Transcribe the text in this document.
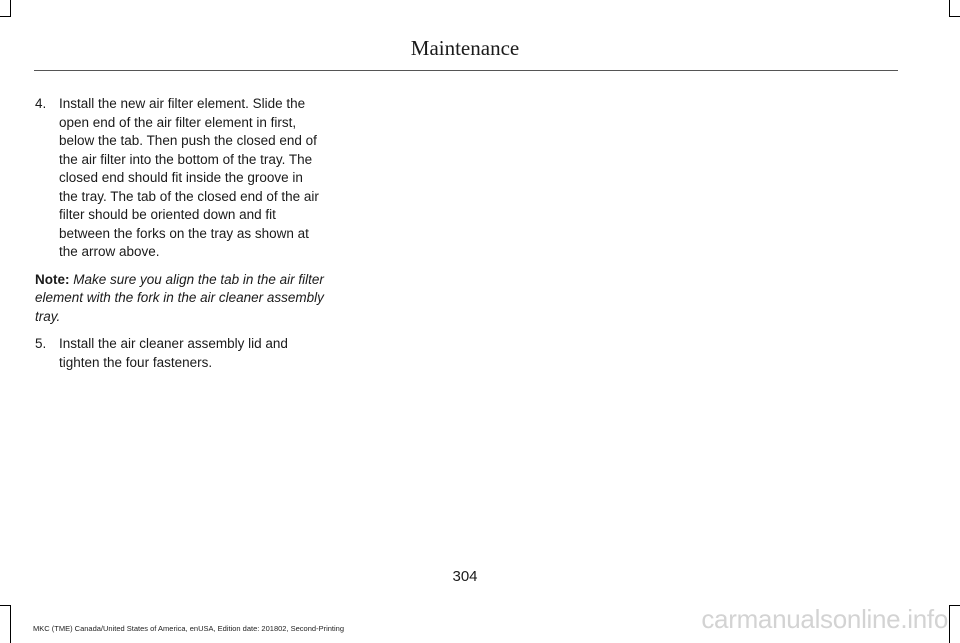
Maintenance
4. Install the new air filter element. Slide the open end of the air filter element in first, below the tab. Then push the closed end of the air filter into the bottom of the tray. The closed end should fit inside the groove in the tray. The tab of the closed end of the air filter should be oriented down and fit between the forks on the tray as shown at the arrow above.
Note: Make sure you align the tab in the air filter element with the fork in the air cleaner assembly tray.
5. Install the air cleaner assembly lid and tighten the four fasteners.
304
MKC (TME) Canada/United States of America, enUSA, Edition date: 201802, Second-Printing	carmanualsonline.info
